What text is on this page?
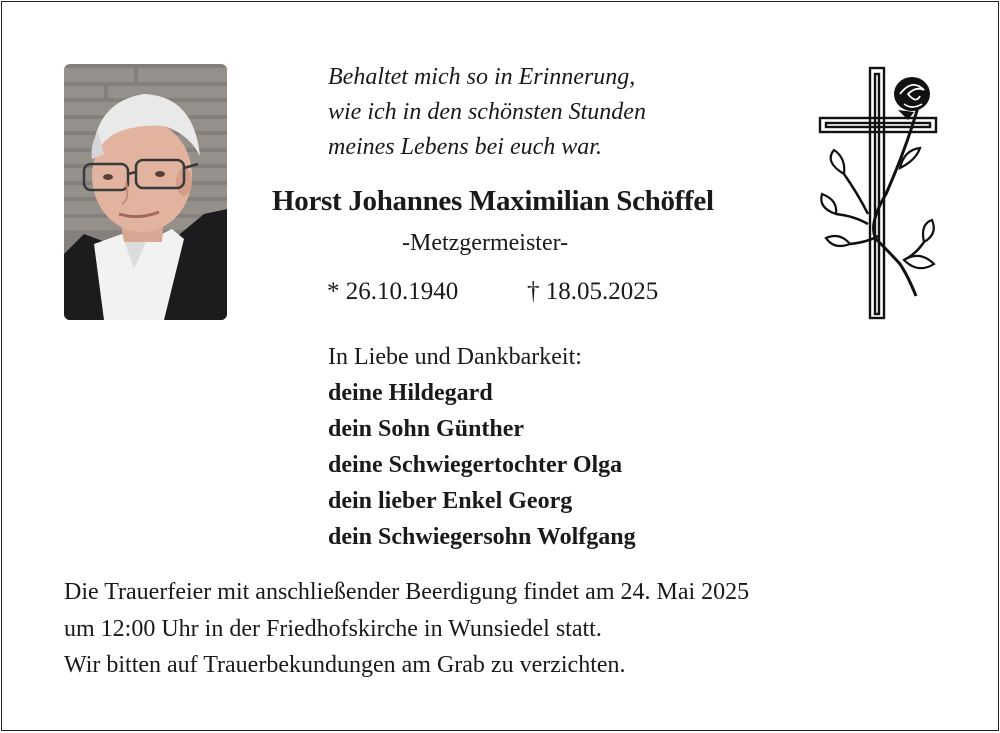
Behaltet mich so in Erinnerung,
wie ich in den schönsten Stunden
meines Lebens bei euch war.
Horst Johannes Maximilian Schöffel
-Metzgermeister-
* 26.10.1940	† 18.05.2025
In Liebe und Dankbarkeit:
deine Hildegard
dein Sohn Günther
deine Schwiegertochter Olga
dein lieber Enkel Georg
dein Schwiegersohn Wolfgang
Die Trauerfeier mit anschließender Beerdigung findet am 24. Mai 2025
um 12:00 Uhr in der Friedhofskirche in Wunsiedel statt.
Wir bitten auf Trauerbekundungen am Grab zu verzichten.
